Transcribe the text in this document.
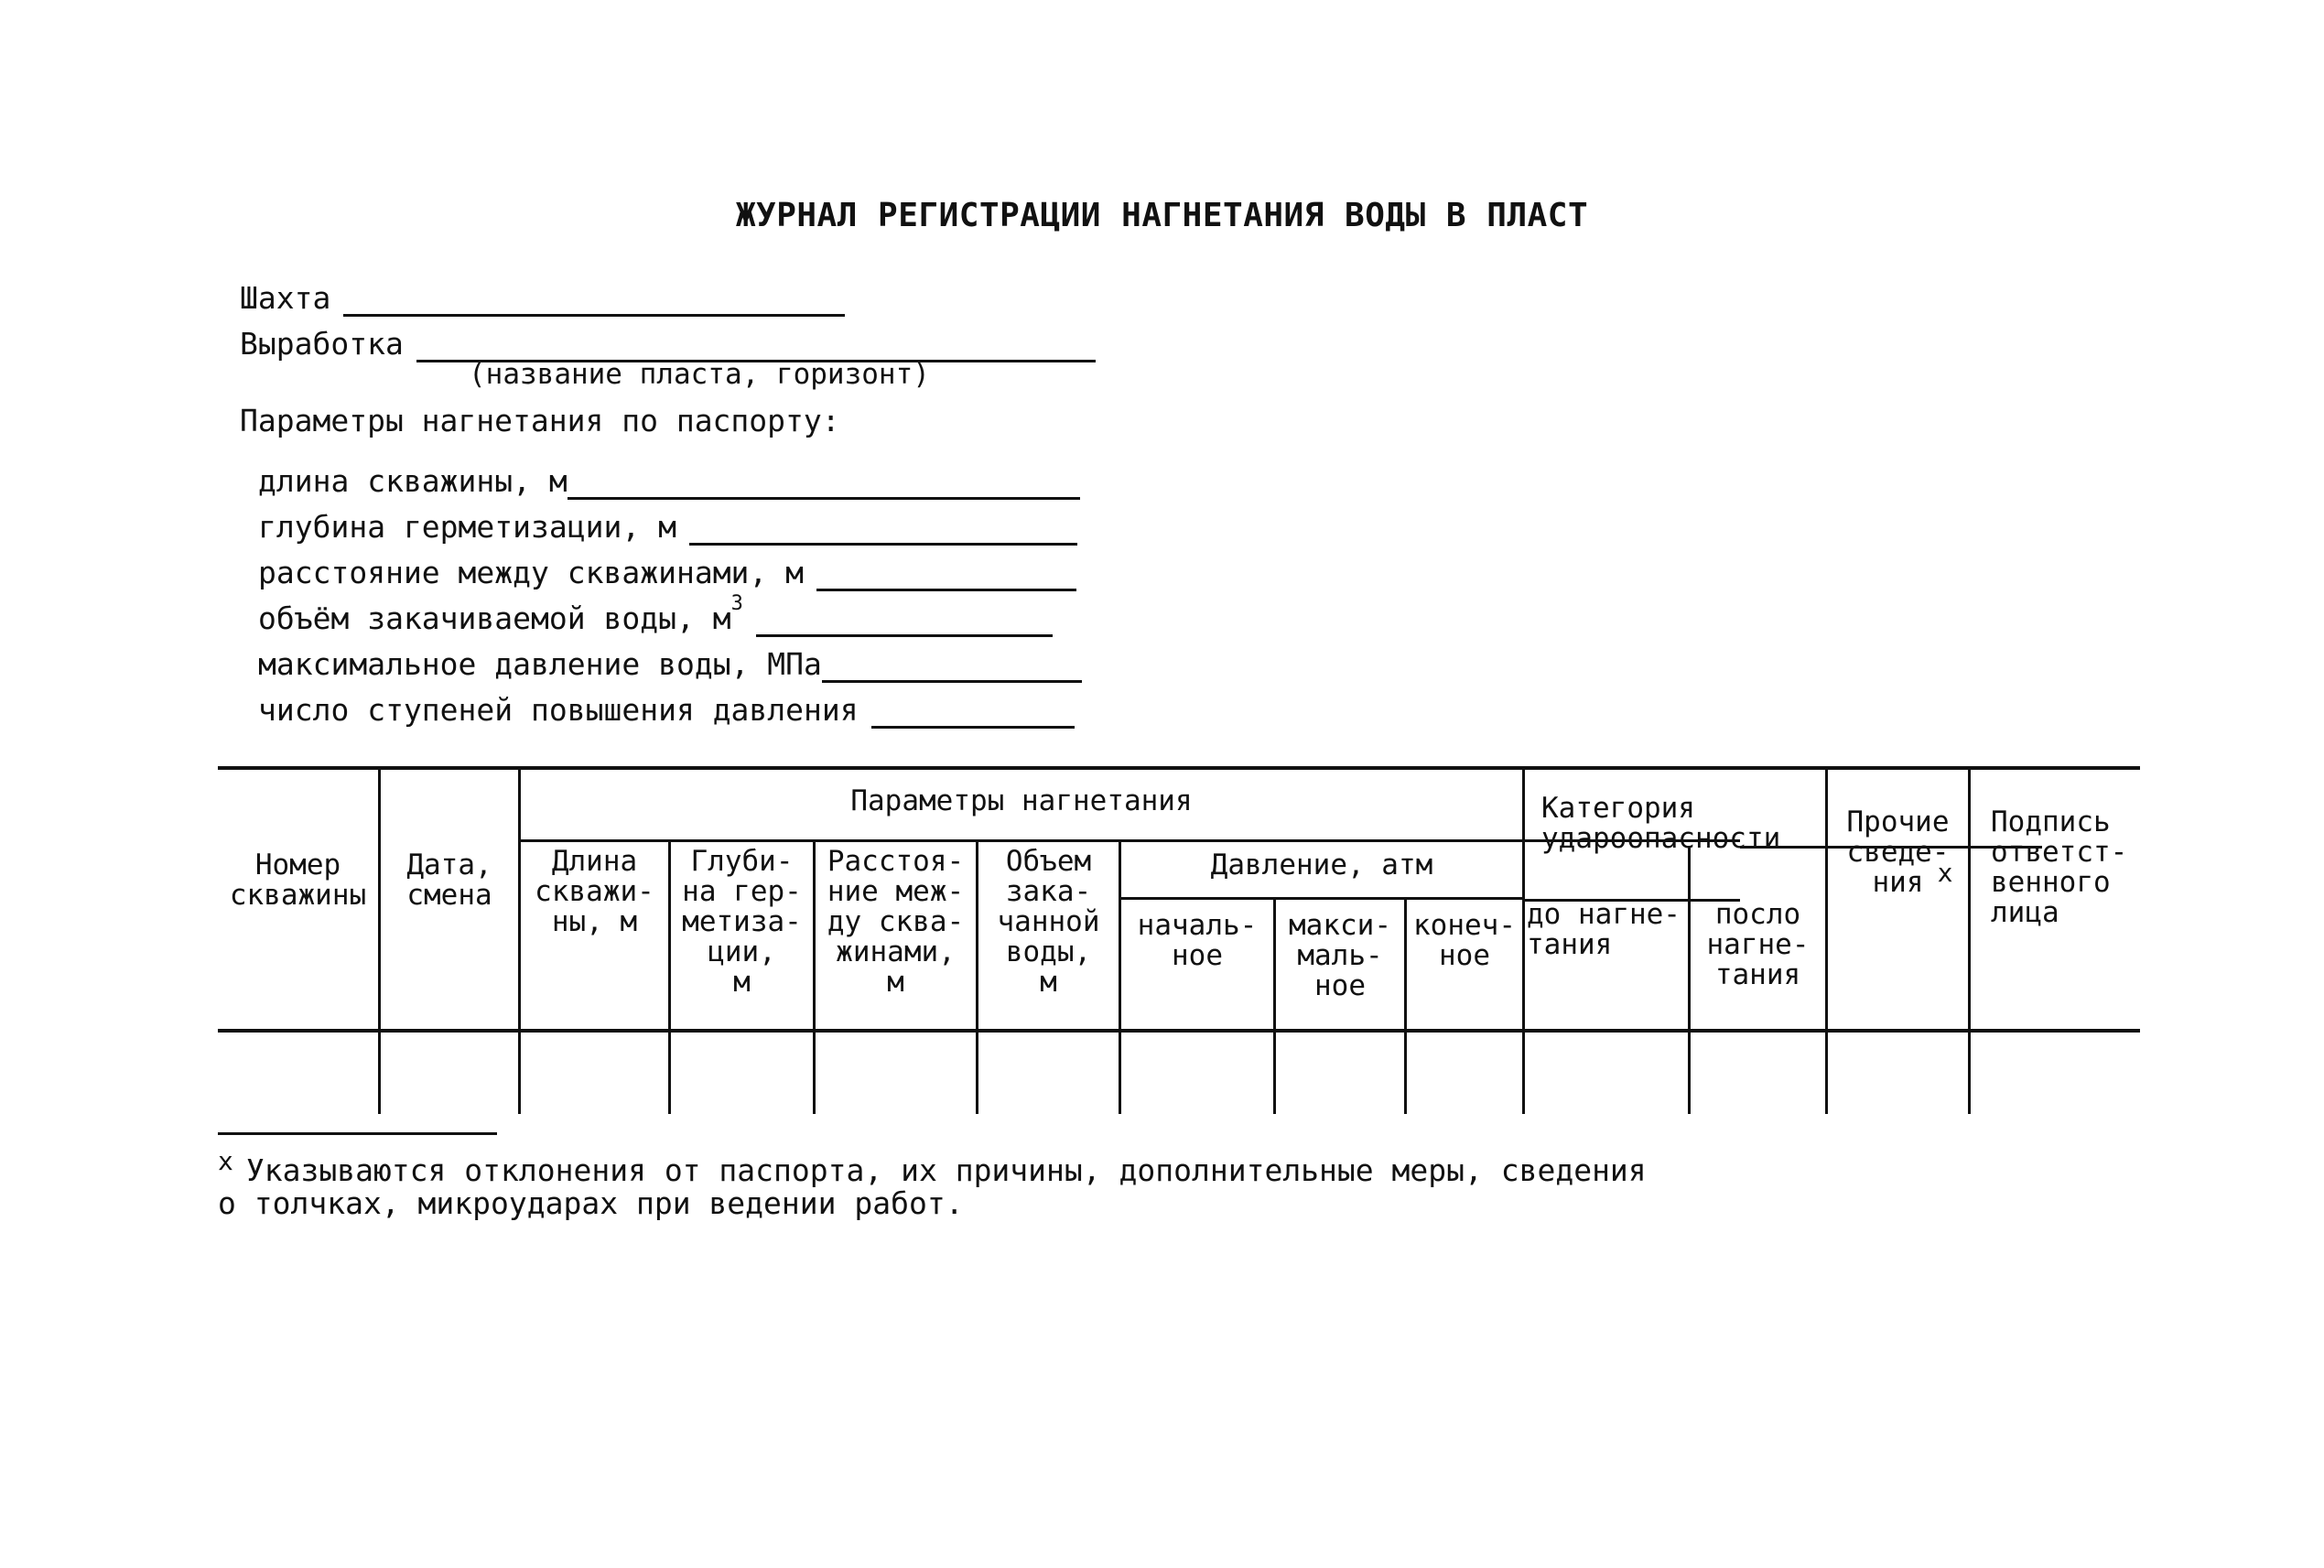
ЖУРНАЛ РЕГИСТРАЦИИ НАГНЕТАНИЯ ВОДЫ В ПЛАСТ
Шахта
Выработка
(название пласта, горизонт)
Параметры нагнетания по паспорту:
длина скважины, м
глубина герметизации, м
расстояние между скважинами, м
объём закачиваемой воды, м 3
максимальное давление воды, МПа
число ступеней повышения давления
Номер
скважины
Дата,
смена
Параметры нагнетания
Длина
скважи-
ны, м
Глуби-
на гер-
метиза-
ции,
м
Расстоя-
ние меж-
ду сква-
жинами,
м
Объем
зака-
чанной
воды,
м
Давление, атм
началь-
ное
макси-
маль-
ное
конеч-
ное
Категория
удароопасности
до нагне-
тания
посло
нагне-
тания
Прочие
сведе-
ния х
Подпись
ответст-
венного
лица
$^х$ Указываются отклонения от паспорта, их причины, дополнительные меры, сведения
о толчках, микроударах при ведении работ.
